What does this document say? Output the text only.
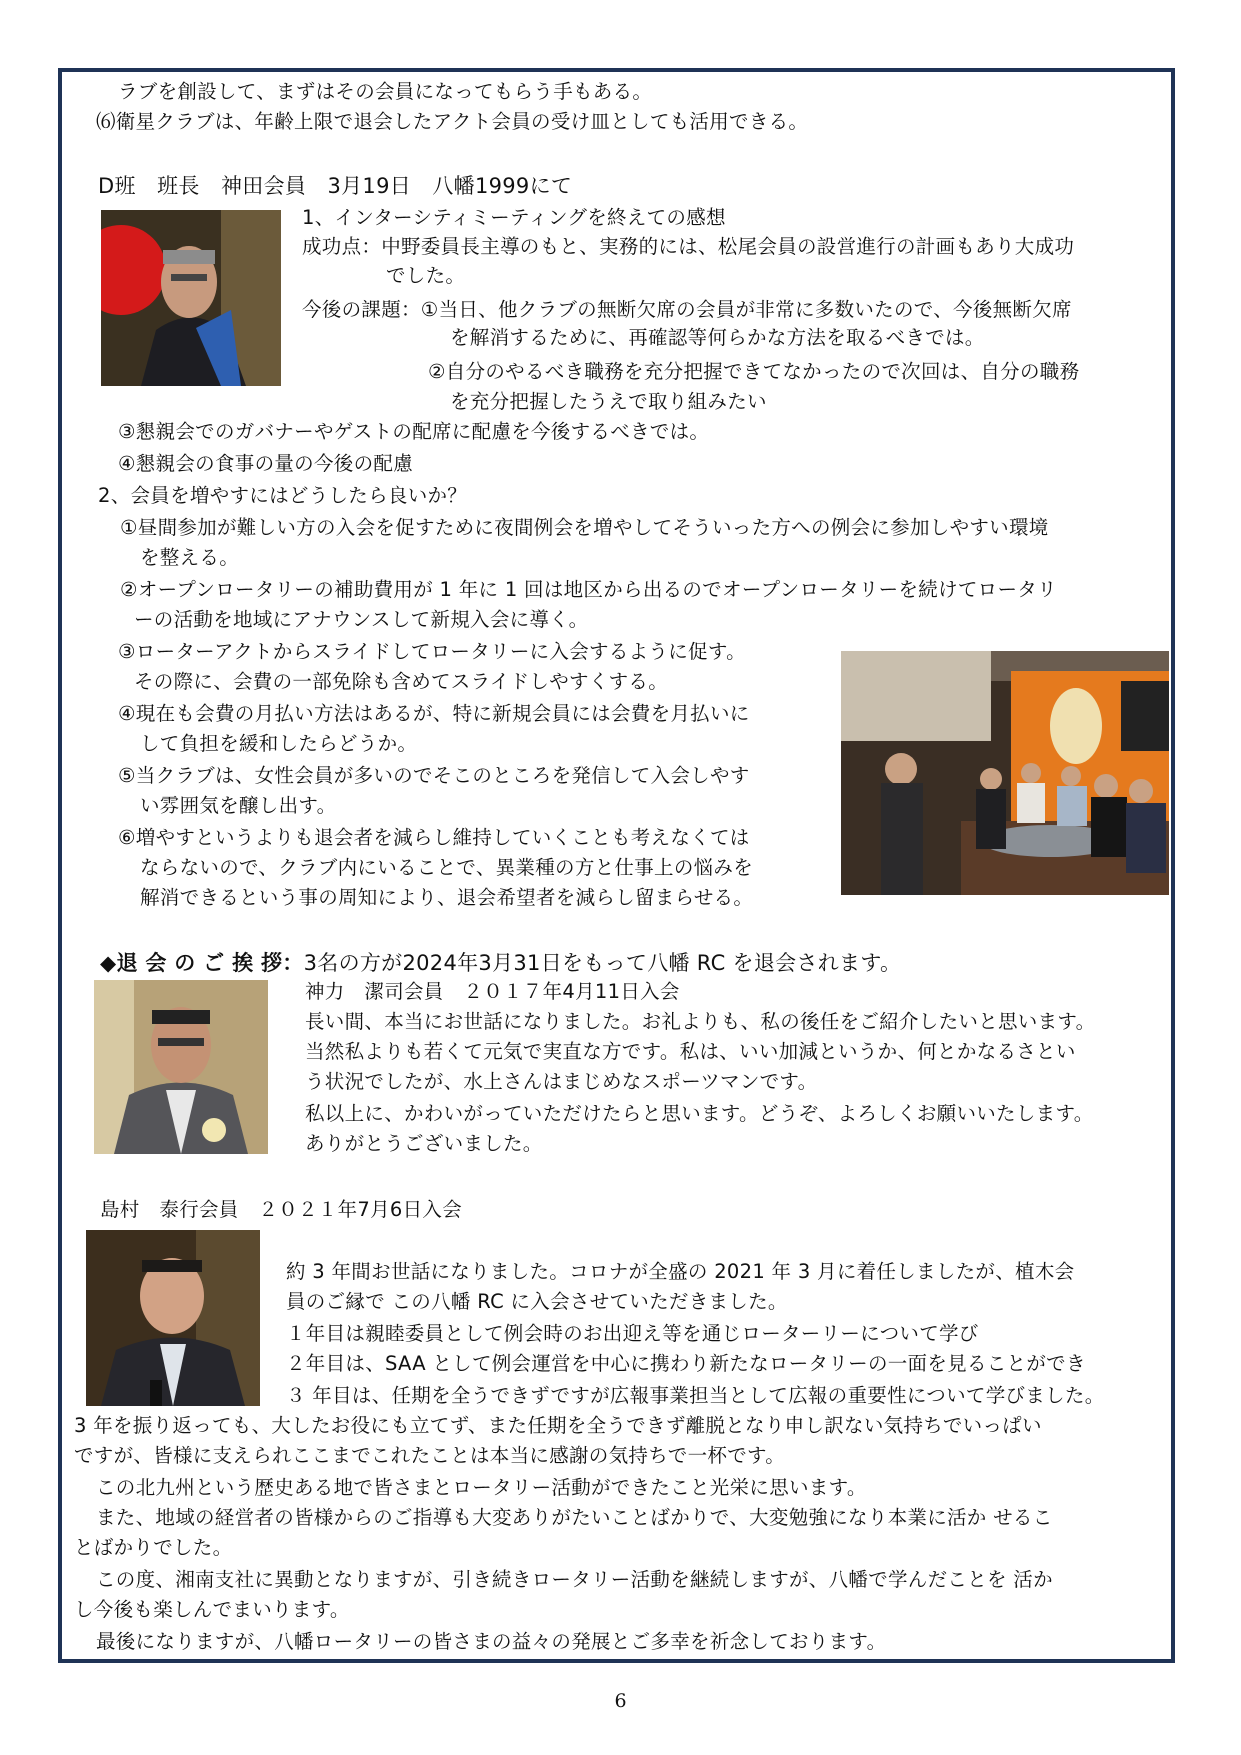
ラブを創設して、まずはその会員になってもらう手もある。
⑹衛星クラブは、年齢上限で退会したアクト会員の受け皿としても活用できる。
D班　班長　神田会員　3月19日　八幡1999にて
1、インターシティミーティングを終えての感想
成功点：中野委員長主導のもと、実務的には、松尾会員の設営進行の計画もあり大成功
でした。
今後の課題：①当日、他クラブの無断欠席の会員が非常に多数いたので、今後無断欠席
を解消するために、再確認等何らかな方法を取るべきでは。
②自分のやるべき職務を充分把握できてなかったので次回は、自分の職務
を充分把握したうえで取り組みたい
③懇親会でのガバナーやゲストの配席に配慮を今後するべきでは。
④懇親会の食事の量の今後の配慮
2、会員を増やすにはどうしたら良いか？
①昼間参加が難しい方の入会を促すために夜間例会を増やしてそういった方への例会に参加しやすい環境
を整える。
②オープンロータリーの補助費用が 1 年に 1 回は地区から出るのでオープンロータリーを続けてロータリ
ーの活動を地域にアナウンスして新規入会に導く。
③ローターアクトからスライドしてロータリーに入会するように促す。
その際に、会費の一部免除も含めてスライドしやすくする。
④現在も会費の月払い方法はあるが、特に新規会員には会費を月払いに
して負担を緩和したらどうか。
⑤当クラブは、女性会員が多いのでそこのところを発信して入会しやす
い雰囲気を醸し出す。
⑥増やすというよりも退会者を減らし維持していくことも考えなくては
ならないので、クラブ内にいることで、異業種の方と仕事上の悩みを
解消できるという事の周知により、退会希望者を減らし留まらせる。
◆退 会 の ご 挨 拶：3名の方が2024年3月31日をもって八幡 RC を退会されます。
神力　潔司会員　２０１７年4月11日入会
長い間、本当にお世話になりました。お礼よりも、私の後任をご紹介したいと思います。
当然私よりも若くて元気で実直な方です。私は、いい加減というか、何とかなるさとい
う状況でしたが、水上さんはまじめなスポーツマンです。
私以上に、かわいがっていただけたらと思います。どうぞ、よろしくお願いいたします。
ありがとうございました。
島村　泰行会員　２０２１年7月6日入会
約 3 年間お世話になりました。コロナが全盛の 2021 年 3 月に着任しましたが、植木会
員のご縁で この八幡 RC に入会させていただきました。
１年目は親睦委員として例会時のお出迎え等を通じローターリーについて学び
２年目は、SAA として例会運営を中心に携わり新たなロータリーの一面を見ることができ
３ 年目は、任期を全うできずですが広報事業担当として広報の重要性について学びました。
3 年を振り返っても、大したお役にも立てず、また任期を全うできず離脱となり申し訳ない気持ちでいっぱい
ですが、皆様に支えられここまでこれたことは本当に感謝の気持ちで一杯です。
この北九州という歴史ある地で皆さまとロータリー活動ができたこと光栄に思います。
また、地域の経営者の皆様からのご指導も大変ありがたいことばかりで、大変勉強になり本業に活か せるこ
とばかりでした。
この度、湘南支社に異動となりますが、引き続きロータリー活動を継続しますが、八幡で学んだことを 活か
し今後も楽しんでまいります。
最後になりますが、八幡ロータリーの皆さまの益々の発展とご多幸を祈念しております。
6
